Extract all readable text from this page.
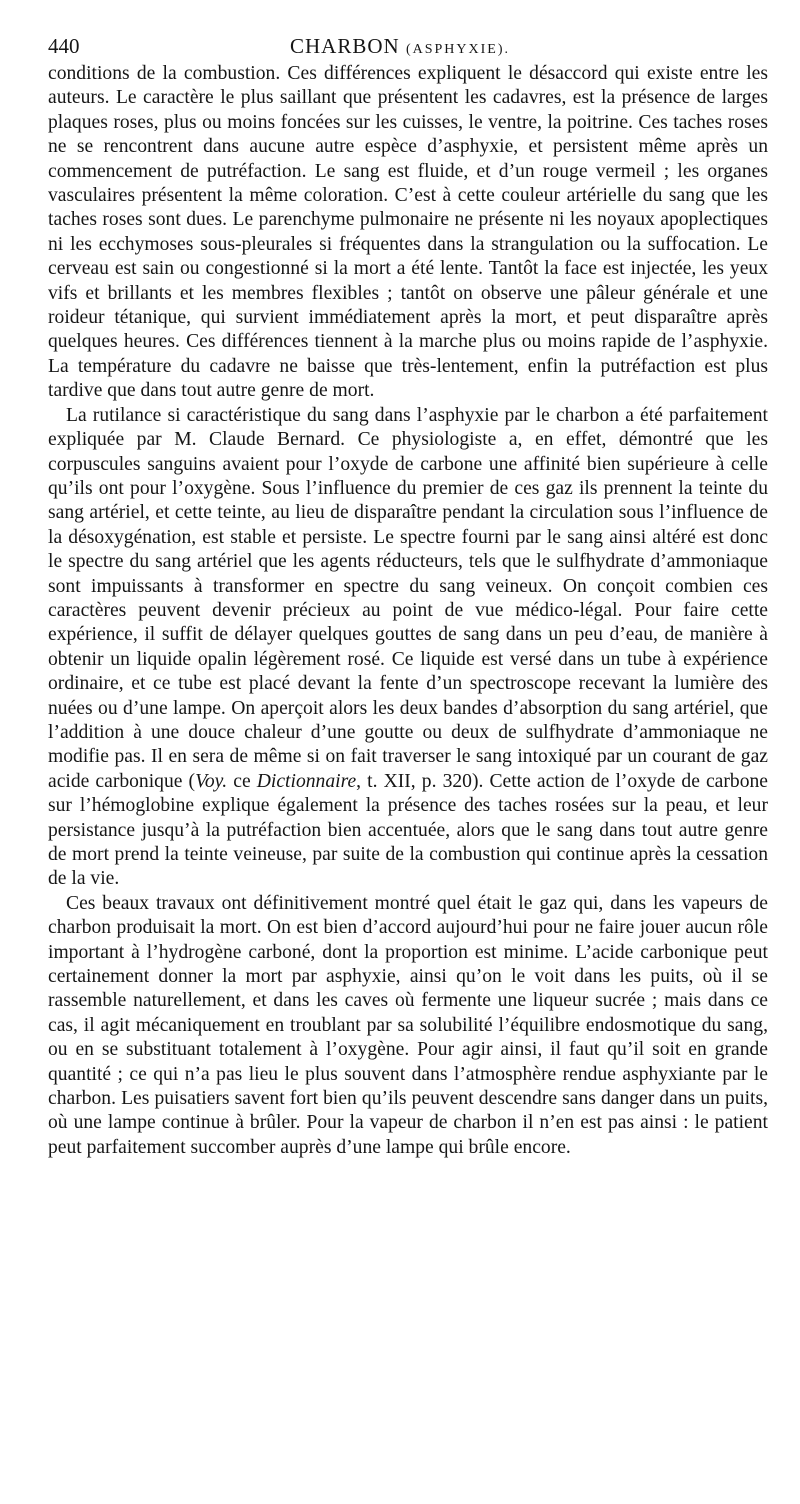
440	CHARBON (ASPHYXIE).

conditions de la combustion. Ces différences expliquent le désaccord qui existe entre les auteurs. Le caractère le plus saillant que présentent les cadavres, est la présence de larges plaques roses, plus ou moins foncées sur les cuisses, le ventre, la poitrine. Ces taches roses ne se rencontrent dans aucune autre espèce d’asphyxie, et persistent même après un commencement de putréfaction. Le sang est fluide, et d’un rouge vermeil ; les organes vasculaires présentent la même coloration. C’est à cette couleur artérielle du sang que les taches roses sont dues. Le parenchyme pulmonaire ne présente ni les noyaux apoplectiques ni les ecchymoses sous-pleurales si fréquentes dans la strangulation ou la suffocation. Le cerveau est sain ou congestionné si la mort a été lente. Tantôt la face est injectée, les yeux vifs et brillants et les membres flexibles ; tantôt on observe une pâleur générale et une roideur tétanique, qui survient immédiatement après la mort, et peut disparaître après quelques heures. Ces différences tiennent à la marche plus ou moins rapide de l’asphyxie. La température du cadavre ne baisse que très-lentement, enfin la putréfaction est plus tardive que dans tout autre genre de mort.

La rutilance si caractéristique du sang dans l’asphyxie par le charbon a été parfaitement expliquée par M. Claude Bernard. Ce physiologiste a, en effet, démontré que les corpuscules sanguins avaient pour l’oxyde de carbone une affinité bien supérieure à celle qu’ils ont pour l’oxygène. Sous l’influence du premier de ces gaz ils prennent la teinte du sang artériel, et cette teinte, au lieu de disparaître pendant la circulation sous l’influence de la désoxygénation, est stable et persiste. Le spectre fourni par le sang ainsi altéré est donc le spectre du sang artériel que les agents réducteurs, tels que le sulfhydrate d’ammoniaque sont impuissants à transformer en spectre du sang veineux. On conçoit combien ces caractères peuvent devenir précieux au point de vue médico-légal. Pour faire cette expérience, il suffit de délayer quelques gouttes de sang dans un peu d’eau, de manière à obtenir un liquide opalin légèrement rosé. Ce liquide est versé dans un tube à expérience ordinaire, et ce tube est placé devant la fente d’un spectroscope recevant la lumière des nuées ou d’une lampe. On aperçoit alors les deux bandes d’absorption du sang artériel, que l’addition à une douce chaleur d’une goutte ou deux de sulfhydrate d’ammoniaque ne modifie pas. Il en sera de même si on fait traverser le sang intoxiqué par un courant de gaz acide carbonique (Voy. ce Dictionnaire, t. XII, p. 320). Cette action de l’oxyde de carbone sur l’hémoglobine explique également la présence des taches rosées sur la peau, et leur persistance jusqu’à la putréfaction bien accentuée, alors que le sang dans tout autre genre de mort prend la teinte veineuse, par suite de la combustion qui continue après la cessation de la vie.

Ces beaux travaux ont définitivement montré quel était le gaz qui, dans les vapeurs de charbon produisait la mort. On est bien d’accord aujourd’hui pour ne faire jouer aucun rôle important à l’hydrogène carboné, dont la proportion est minime. L’acide carbonique peut certainement donner la mort par asphyxie, ainsi qu’on le voit dans les puits, où il se rassemble naturellement, et dans les caves où fermente une liqueur sucrée ; mais dans ce cas, il agit mécaniquement en troublant par sa solubilité l’équilibre endosmotique du sang, ou en se substituant totalement à l’oxygène. Pour agir ainsi, il faut qu’il soit en grande quantité ; ce qui n’a pas lieu le plus souvent dans l’atmosphère rendue asphyxiante par le charbon. Les puisatiers savent fort bien qu’ils peuvent descendre sans danger dans un puits, où une lampe continue à brûler. Pour la vapeur de charbon il n’en est pas ainsi : le patient peut parfaitement succomber auprès d’une lampe qui brûle encore.
